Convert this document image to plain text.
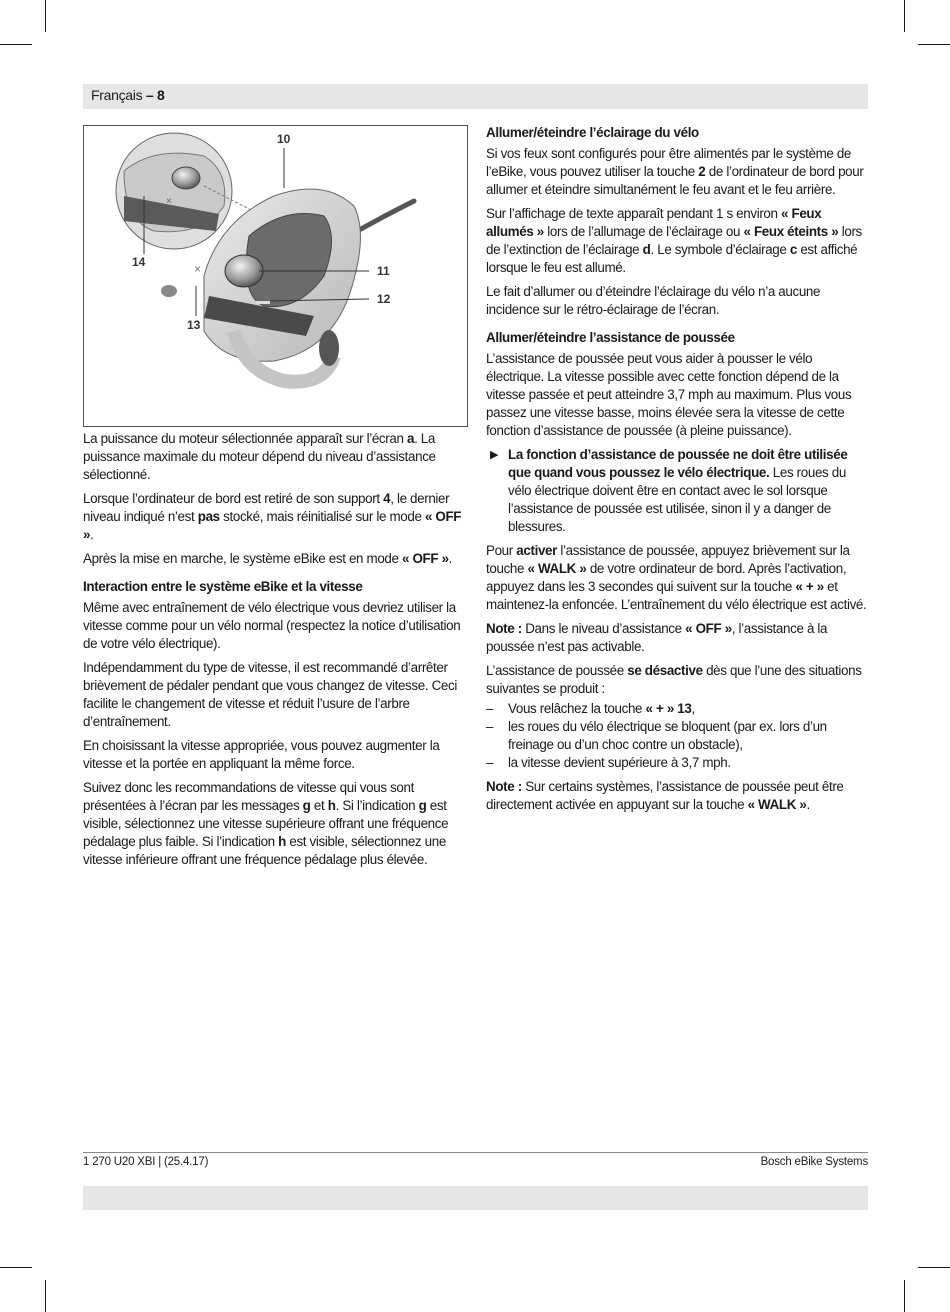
Français – 8
×
×
10
11
12
13
14

La puissance du moteur sélectionnée apparaît sur l’écran a. La puissance maximale du moteur dépend du niveau d’assistance sélectionné.

Lorsque l’ordinateur de bord est retiré de son support 4, le dernier niveau indiqué n’est pas stocké, mais réinitialisé sur le mode « OFF ».

Après la mise en marche, le système eBike est en mode « OFF ».

Interaction entre le système eBike et la vitesse

Même avec entraînement de vélo électrique vous devriez utiliser la vitesse comme pour un vélo normal (respectez la notice d’utilisation de votre vélo électrique).

Indépendamment du type de vitesse, il est recommandé d’arrêter brièvement de pédaler pendant que vous changez de vitesse. Ceci facilite le changement de vitesse et réduit l’usure de l’arbre d’entraînement.

En choisissant la vitesse appropriée, vous pouvez augmenter la vitesse et la portée en appliquant la même force.

Suivez donc les recommandations de vitesse qui vous sont présentées à l’écran par les messages g et h. Si l’indication g est visible, sélectionnez une vitesse supérieure offrant une fréquence pédalage plus faible. Si l’indication h est visible, sélectionnez une vitesse inférieure offrant une fréquence pédalage plus élevée.

Allumer/éteindre l’éclairage du vélo

Si vos feux sont configurés pour être alimentés par le système de l’eBike, vous pouvez utiliser la touche 2 de l’ordinateur de bord pour allumer et éteindre simultanément le feu avant et le feu arrière.

Sur l’affichage de texte apparaît pendant 1 s environ « Feux allumés » lors de l’allumage de l’éclairage ou « Feux éteints » lors de l’extinction de l’éclairage d. Le symbole d’éclairage c est affiché lorsque le feu est allumé.

Le fait d’allumer ou d’éteindre l’éclairage du vélo n’a aucune incidence sur le rétro-éclairage de l’écran.

Allumer/éteindre l’assistance de poussée

L’assistance de poussée peut vous aider à pousser le vélo électrique. La vitesse possible avec cette fonction dépend de la vitesse passée et peut atteindre 3,7 mph au maximum. Plus vous passez une vitesse basse, moins élevée sera la vitesse de cette fonction d’assistance de poussée (à pleine puissance).

▶ La fonction d’assistance de poussée ne doit être utilisée que quand vous poussez le vélo électrique. Les roues du vélo électrique doivent être en contact avec le sol lorsque l’assistance de poussée est utilisée, sinon il y a danger de blessures.

Pour activer l’assistance de poussée, appuyez brièvement sur la touche « WALK » de votre ordinateur de bord. Après l’activation, appuyez dans les 3 secondes qui suivent sur la touche « + » et maintenez-la enfoncée. L’entraînement du vélo électrique est activé.

Note : Dans le niveau d’assistance « OFF », l’assistance à la poussée n’est pas activable.

L’assistance de poussée se désactive dès que l’une des situations suivantes se produit :

– Vous relâchez la touche « + » 13,
– les roues du vélo électrique se bloquent (par ex. lors d’un freinage ou d’un choc contre un obstacle),
– la vitesse devient supérieure à 3,7 mph.

Note : Sur certains systèmes, l’assistance de poussée peut être directement activée en appuyant sur la touche « WALK ».

1 270 U20 XBI | (25.4.17)	Bosch eBike Systems
